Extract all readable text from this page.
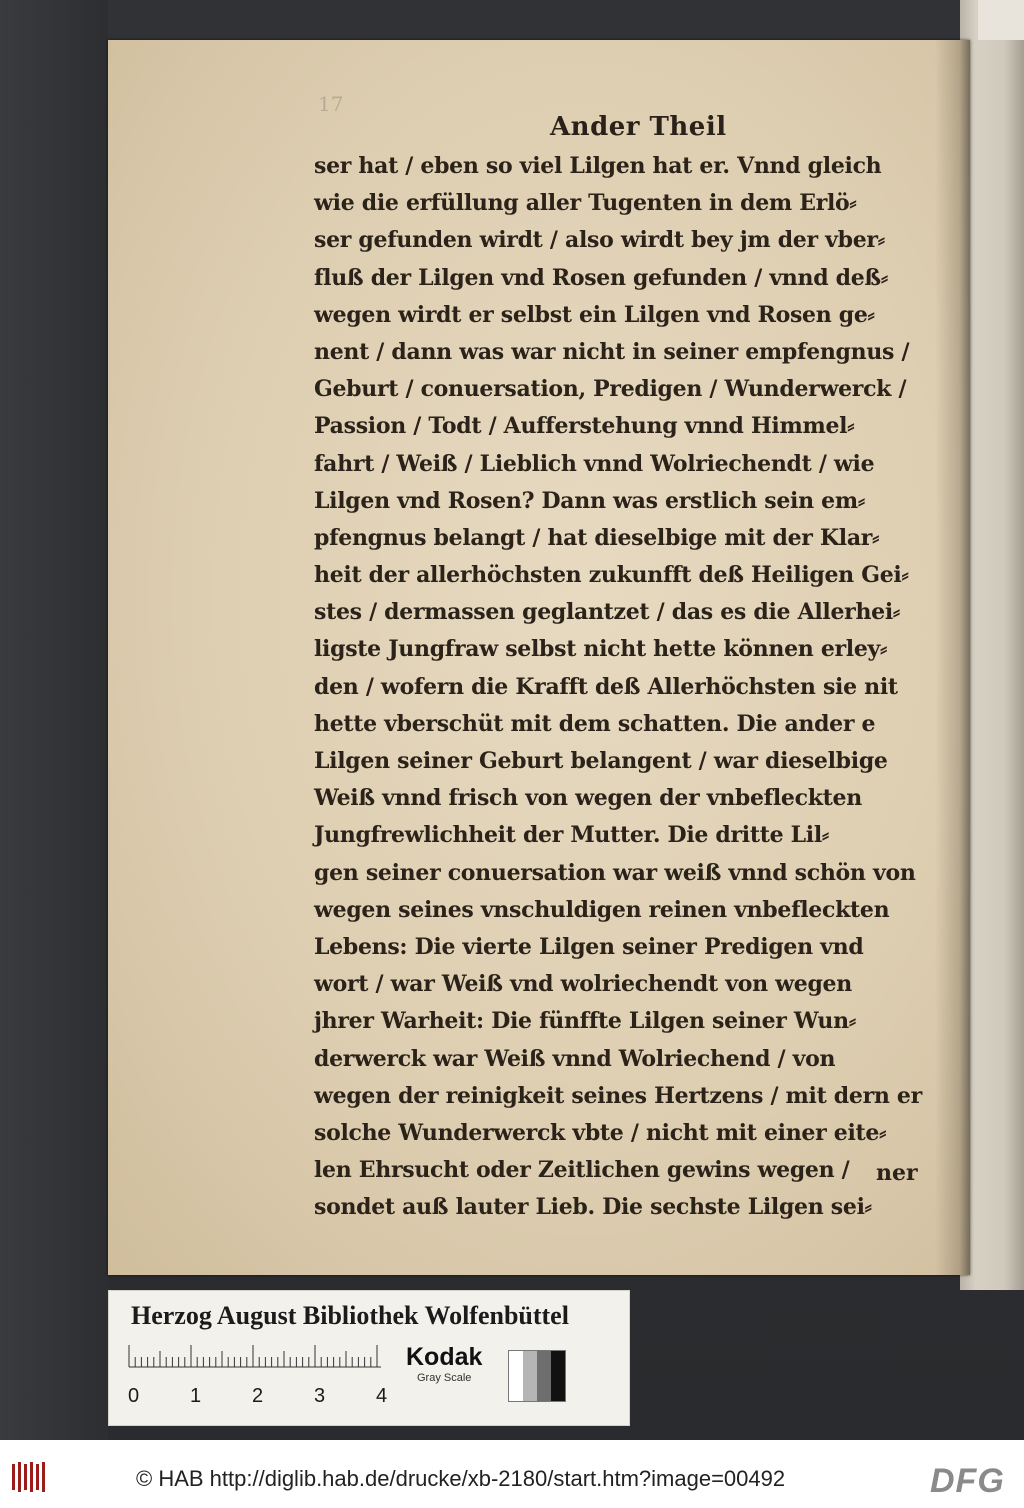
17

Ander Theil

ser hat / eben so viel Lilgen hat er. Vnnd gleich
wie die erfüllung aller Tugenten in dem Erlö⸗
ser gefunden wirdt / also wirdt bey jm der vber⸗
fluß der Lilgen vnd Rosen gefunden / vnnd deß⸗
wegen wirdt er selbst ein Lilgen vnd Rosen ge⸗
nent / dann was war nicht in seiner empfengnus /
Geburt / conuersation, Predigen / Wunderwerck /
Passion / Todt / Aufferstehung vnnd Himmel⸗
fahrt / Weiß / Lieblich vnnd Wolriechendt / wie
Lilgen vnd Rosen? Dann was erstlich sein em⸗
pfengnus belangt / hat dieselbige mit der Klar⸗
heit der allerhöchsten zukunfft deß Heiligen Gei⸗
stes / dermassen geglantzet / das es die Allerhei⸗
ligste Jungfraw selbst nicht hette können erley⸗
den / wofern die Krafft deß Allerhöchsten sie nit
hette vberschüt mit dem schatten. Die ander e
Lilgen seiner Geburt belangent / war dieselbige
Weiß vnnd frisch von wegen der vnbefleckten
Jungfrewlichheit der Mutter. Die dritte Lil⸗
gen seiner conuersation war weiß vnnd schön von
wegen seines vnschuldigen reinen vnbefleckten
Lebens: Die vierte Lilgen seiner Predigen vnd
wort / war Weiß vnd wolriechendt von wegen
jhrer Warheit: Die fünffte Lilgen seiner Wun⸗
derwerck war Weiß vnnd Wolriechend / von
wegen der reinigkeit seines Hertzens / mit dern er
solche Wunderwerck vbte / nicht mit einer eite⸗
len Ehrsucht oder Zeitlichen gewins wegen /
sondet auß lauter Lieb. Die sechste Lilgen sei⸗

ner

Herzog August Bibliothek Wolfenbüttel

0	1	2	3	4

Kodak

Gray Scale

© HAB http://diglib.hab.de/drucke/xb-2180/start.htm?image=00492	DFG
